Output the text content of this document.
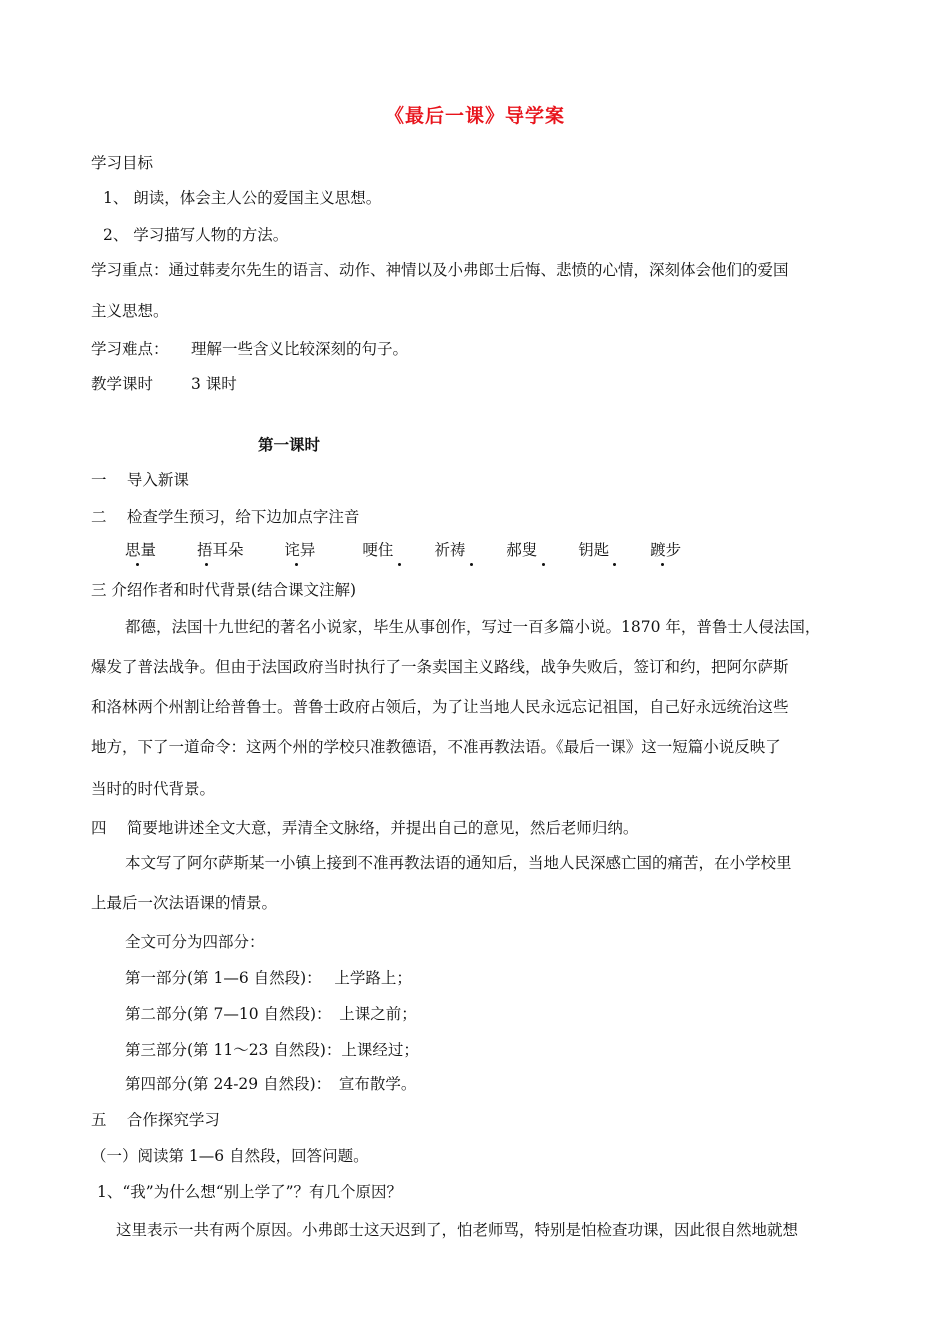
《最后一课》导学案
学习目标
1、 朗读，体会主人公的爱国主义思想。
2、 学习描写人物的方法。
学习重点：通过韩麦尔先生的语言、动作、神情以及小弗郎士后悔、悲愤的心情，深刻体会他们的爱国
主义思想。
学习难点： 理解一些含义比较深刻的句子。
教学课时 3 课时
第一课时
一　 导入新课
二　 检查学生预习，给下边加点字注音
思量	捂耳朵	诧异	哽住	祈祷	郝叟	钥匙	踱步
三 介绍作者和时代背景(结合课文注解)
都德，法国十九世纪的著名小说家，毕生从事创作，写过一百多篇小说。1870 年，普鲁士人侵法国，
爆发了普法战争。但由于法国政府当时执行了一条卖国主义路线，战争失败后，签订和约，把阿尔萨斯
和洛林两个州割让给普鲁士。普鲁士政府占领后，为了让当地人民永远忘记祖国，自己好永远统治这些
地方，下了一道命令：这两个州的学校只准教德语，不准再教法语。《最后一课》这一短篇小说反映了
当时的时代背景。
四　 简要地讲述全文大意，弄清全文脉络，并提出自己的意见，然后老师归纳。
本文写了阿尔萨斯某一小镇上接到不准再教法语的通知后，当地人民深感亡国的痛苦，在小学校里
上最后一次法语课的情景。
全文可分为四部分：
第一部分(第 1—6 自然段)：　 上学路上；
第二部分(第 7—10 自然段)：　上课之前；
第三部分(第 11～23 自然段)：上课经过；
第四部分(第 24-29 自然段)：　宣布散学。
五　 合作探究学习
（一）阅读第 1—6 自然段，回答问题。
1、“我”为什么想“别上学了”？有几个原因？
这里表示一共有两个原因。小弗郎士这天迟到了，怕老师骂，特别是怕检查功课，因此很自然地就想
